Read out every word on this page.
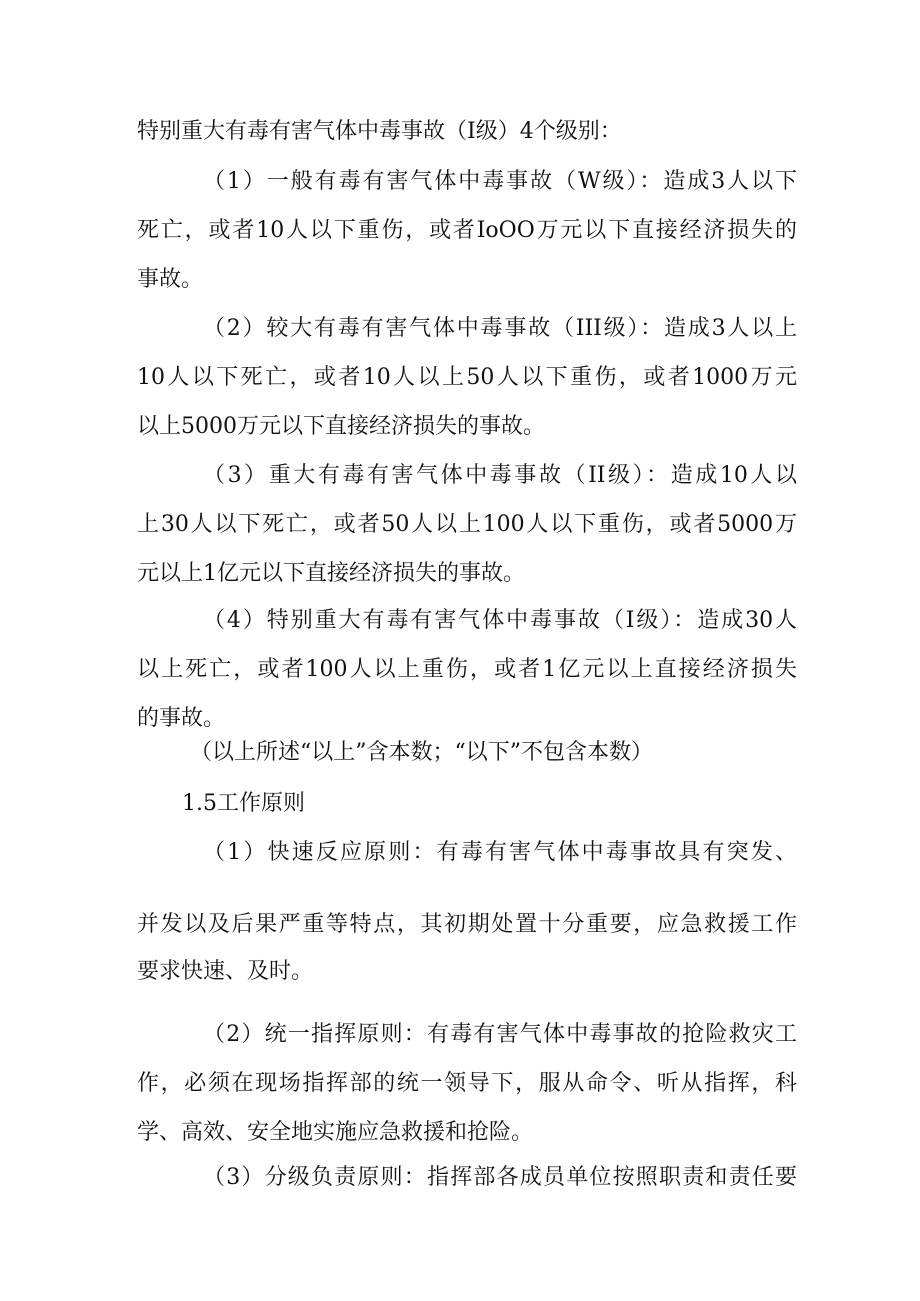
特别重大有毒有害气体中毒事故（I级）4个级别：
（1）一般有毒有害气体中毒事故（W级）：造成3人以下
死亡，或者10人以下重伤，或者IoOO万元以下直接经济损失的
事故。
（2）较大有毒有害气体中毒事故（III级）：造成3人以上
10人以下死亡，或者10人以上50人以下重伤，或者1000万元
以上5000万元以下直接经济损失的事故。
（3）重大有毒有害气体中毒事故（II级）：造成10人以
上30人以下死亡，或者50人以上100人以下重伤，或者5000万
元以上1亿元以下直接经济损失的事故。
（4）特别重大有毒有害气体中毒事故（I级）：造成30人
以上死亡，或者100人以上重伤，或者1亿元以上直接经济损失
的事故。
（以上所述“以上”含本数；“以下”不包含本数）
1.5工作原则
（1）快速反应原则：有毒有害气体中毒事故具有突发、
并发以及后果严重等特点，其初期处置十分重要，应急救援工作
要求快速、及时。
（2）统一指挥原则：有毒有害气体中毒事故的抢险救灾工
作，必须在现场指挥部的统一领导下，服从命令、听从指挥，科
学、高效、安全地实施应急救援和抢险。
（3）分级负责原则：指挥部各成员单位按照职责和责任要
